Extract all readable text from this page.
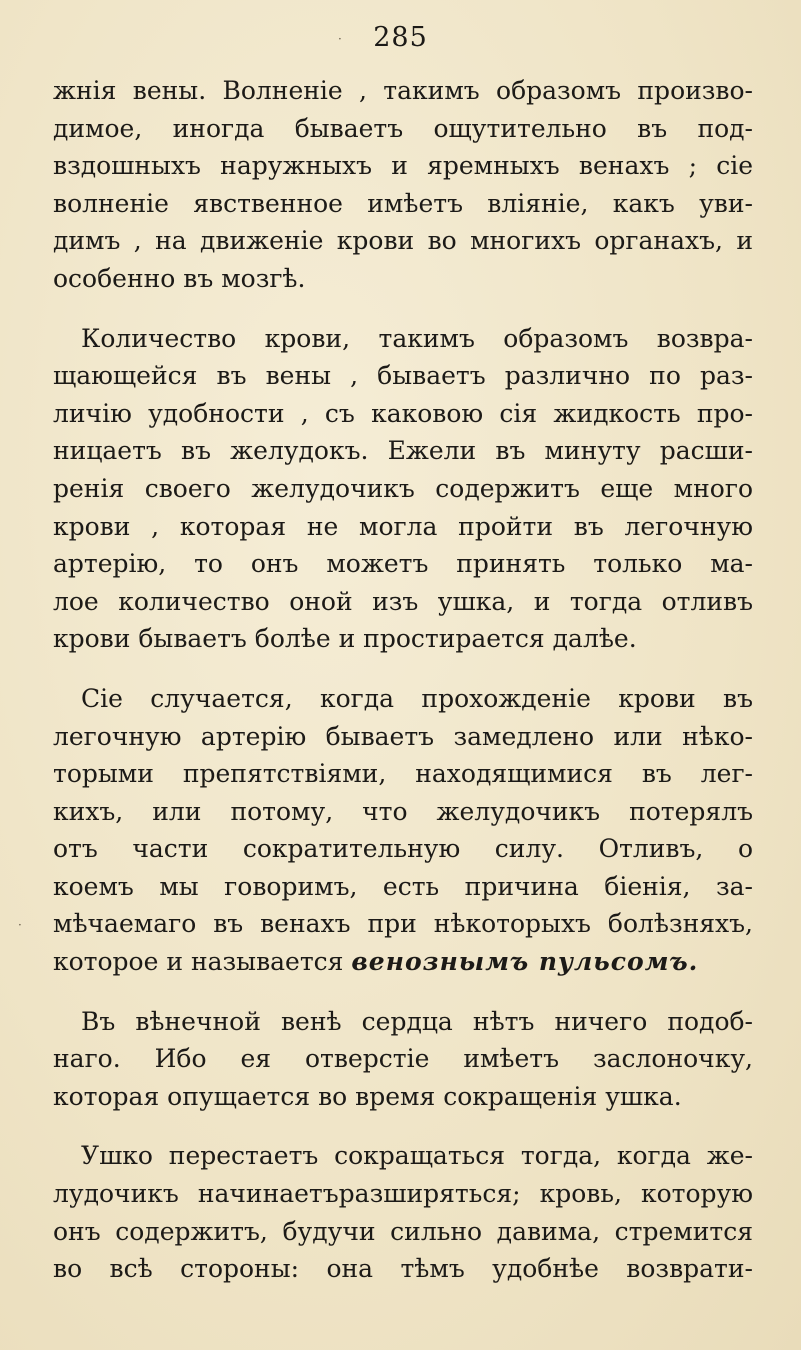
285
·
·
жнія вены. Волненіе , такимъ образомъ произво-
димое, иногда бываетъ ощутительно въ под-
вздошныхъ наружныхъ и яремныхъ венахъ ; сіе
волненіе явственное имѣетъ вліяніе, какъ уви-
димъ , на движеніе крови во многихъ органахъ, и
особенно въ мозгѣ.
Количество крови, такимъ образомъ возвра-
щающейся въ вены , бываетъ различно по раз-
личію удобности , съ каковою сія жидкость про-
ницаетъ въ желудокъ. Ежели въ минуту расши-
ренія своего желудочикъ содержитъ еще много
крови , которая не могла пройти въ легочную
артерію, то онъ можетъ принять только ма-
лое количество оной изъ ушка, и тогда отливъ
крови бываетъ болѣе и простирается далѣе.
Сіе случается, когда прохожденіе крови въ
легочную артерію бываетъ замедлено или нѣко-
торыми препятствіями, находящимися въ лег-
кихъ, или потому, что желудочикъ потерялъ
отъ части сократительную силу. Отливъ, о
коемъ мы говоримъ, есть причина біенія, за-
мѣчаемаго въ венахъ при нѣкоторыхъ болѣзняхъ,
которое и называется венознымъ пульсомъ.
Въ вѣнечной венѣ сердца нѣтъ ничего подоб-
наго. Ибо ея отверстіе имѣетъ заслоночку,
которая опущается во время сокращенія ушка.
Ушко перестаетъ сокращаться тогда, когда же-
лудочикъ начинаетъразширяться; кровь, которую
онъ содержитъ, будучи сильно давима, стремится
во всѣ стороны: она тѣмъ удобнѣе возврати-
